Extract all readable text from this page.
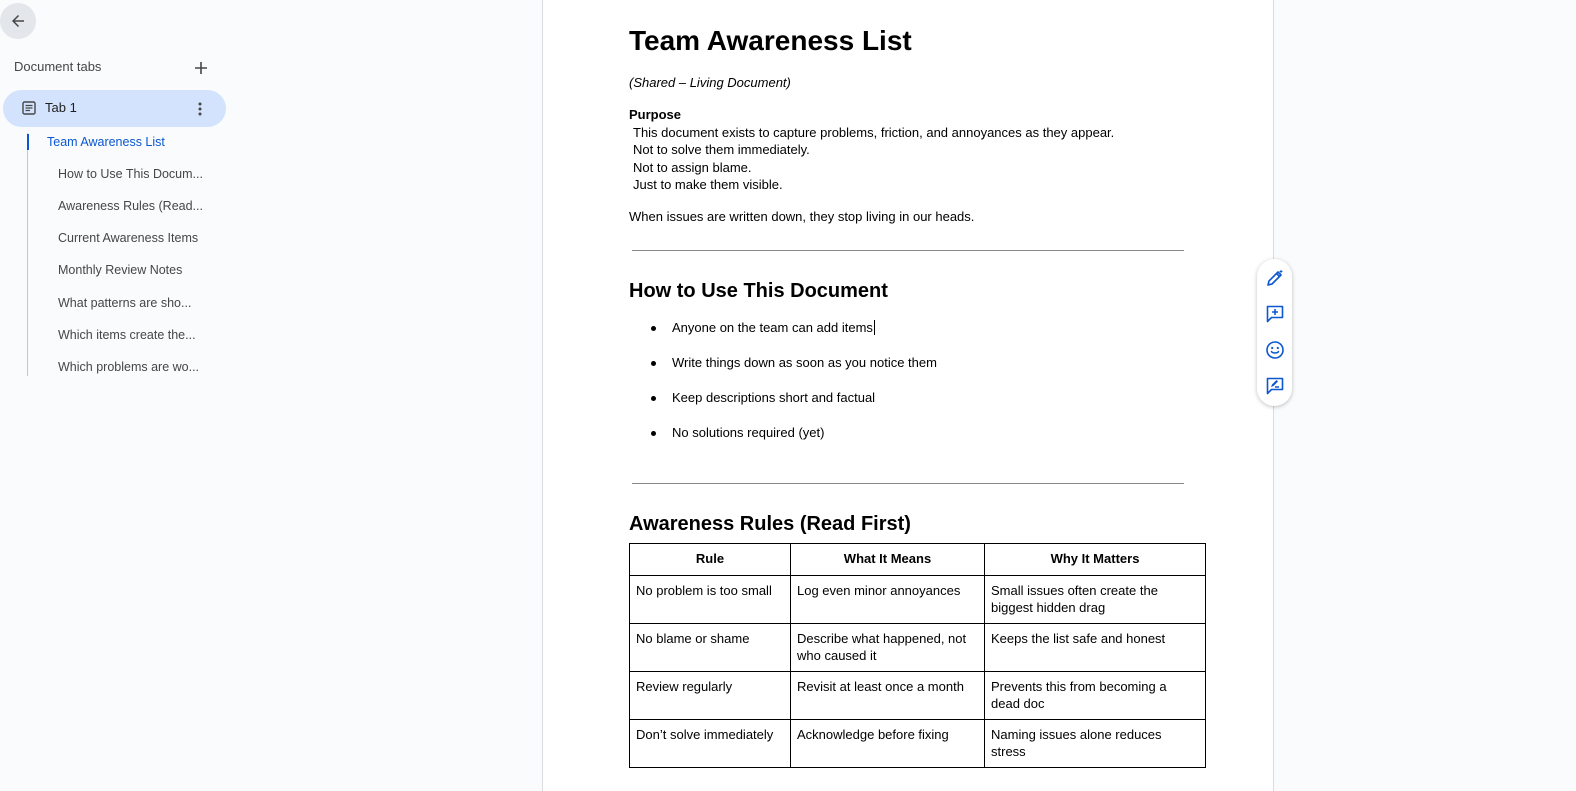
Document tabs
Tab 1
Team Awareness List
How to Use This Docum...
Awareness Rules (Read...
Current Awareness Items
Monthly Review Notes
What patterns are sho...
Which items create the...
Which problems are wo...
Team Awareness List
(Shared – Living Document)
Purpose
This document exists to capture problems, friction, and annoyances as they appear.
Not to solve them immediately.
Not to assign blame.
Just to make them visible.
When issues are written down, they stop living in our heads.
How to Use This Document
Anyone on the team can add items
Write things down as soon as you notice them
Keep descriptions short and factual
No solutions required (yet)
Awareness Rules (Read First)
Rule	What It Means	Why It Matters
No problem is too small	Log even minor annoyances	Small issues often create the biggest hidden drag
No blame or shame	Describe what happened, not who caused it	Keeps the list safe and honest
Review regularly	Revisit at least once a month	Prevents this from becoming a dead doc
Don’t solve immediately	Acknowledge before fixing	Naming issues alone reduces stress
